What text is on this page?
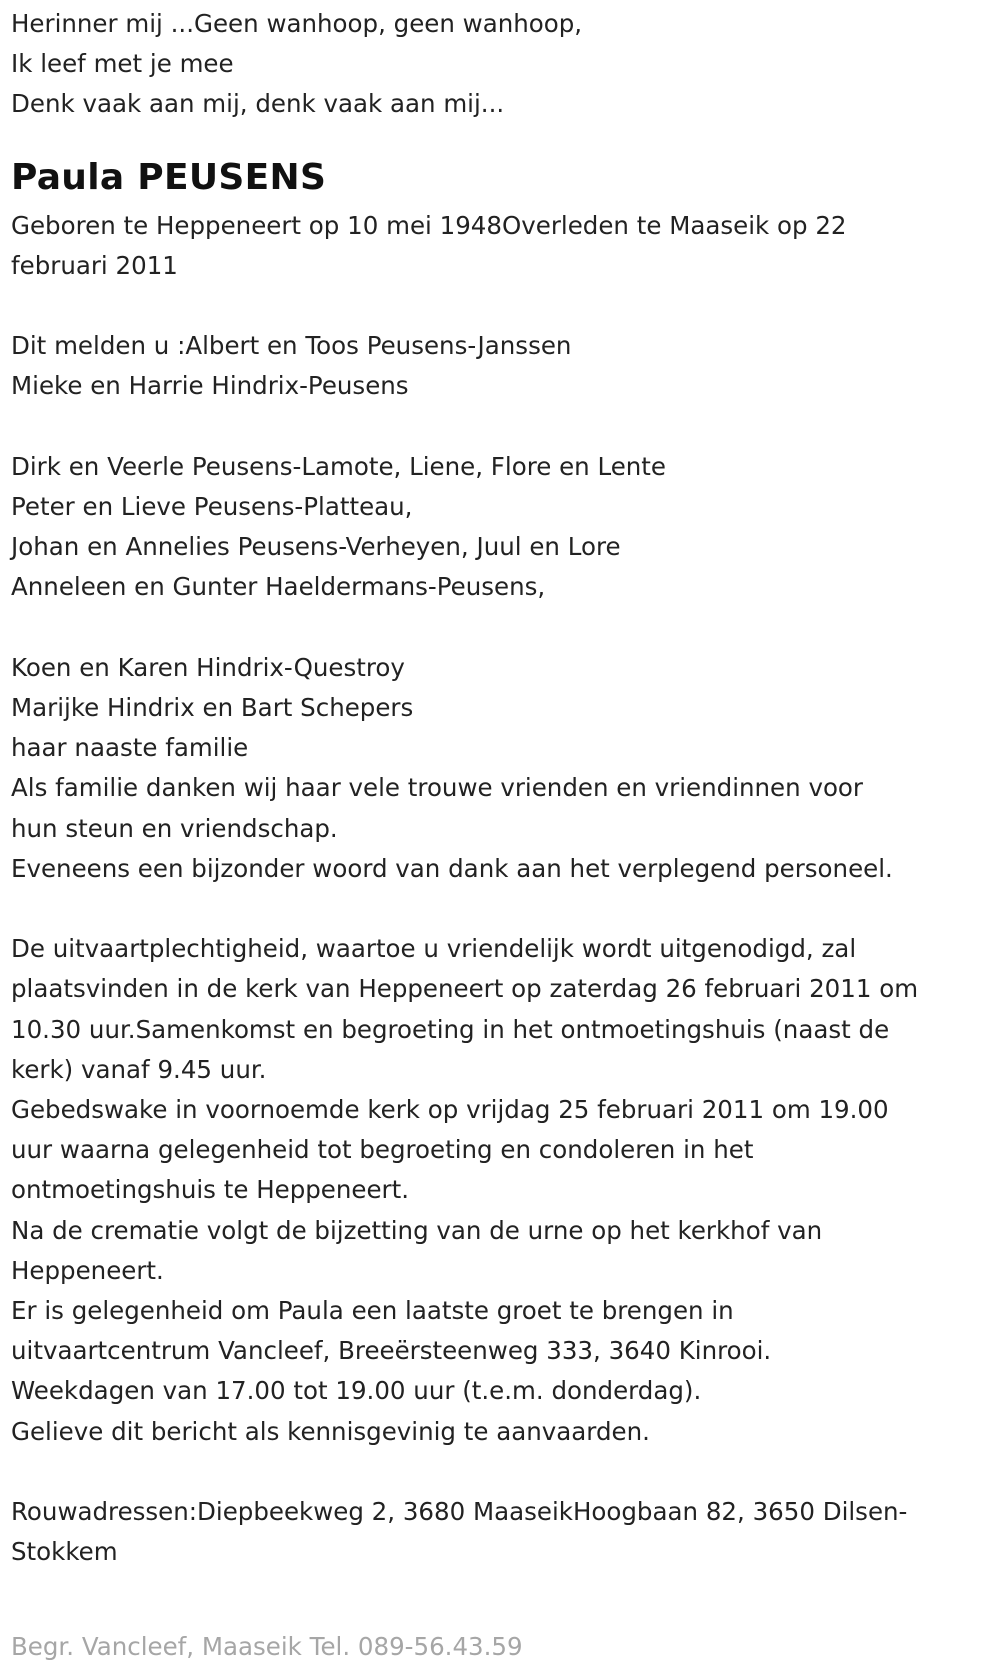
Herinner mij ...Geen wanhoop, geen wanhoop,
Ik leef met je mee
Denk vaak aan mij, denk vaak aan mij...
Paula PEUSENS
Geboren te Heppeneert op 10 mei 1948Overleden te Maaseik op 22
februari 2011
Dit melden u :Albert en Toos Peusens-Janssen
Mieke en Harrie Hindrix-Peusens
Dirk en Veerle Peusens-Lamote, Liene, Flore en Lente
Peter en Lieve Peusens-Platteau,
Johan en Annelies Peusens-Verheyen, Juul en Lore
Anneleen en Gunter Haeldermans-Peusens,
Koen en Karen Hindrix-Questroy
Marijke Hindrix en Bart Schepers
haar naaste familie
Als familie danken wij haar vele trouwe vrienden en vriendinnen voor
hun steun en vriendschap.
Eveneens een bijzonder woord van dank aan het verplegend personeel.
De uitvaartplechtigheid, waartoe u vriendelijk wordt uitgenodigd, zal
plaatsvinden in de kerk van Heppeneert op zaterdag 26 februari 2011 om
10.30 uur.Samenkomst en begroeting in het ontmoetingshuis (naast de
kerk) vanaf 9.45 uur.
Gebedswake in voornoemde kerk op vrijdag 25 februari 2011 om 19.00
uur waarna gelegenheid tot begroeting en condoleren in het
ontmoetingshuis te Heppeneert.
Na de crematie volgt de bijzetting van de urne op het kerkhof van
Heppeneert.
Er is gelegenheid om Paula een laatste groet te brengen in
uitvaartcentrum Vancleef, Breeërsteenweg 333, 3640 Kinrooi.
Weekdagen van 17.00 tot 19.00 uur (t.e.m. donderdag).
Gelieve dit bericht als kennisgevinig te aanvaarden.
Rouwadressen:Diepbeekweg 2, 3680 MaaseikHoogbaan 82, 3650 Dilsen-
Stokkem
Begr. Vancleef, Maaseik Tel. 089-56.43.59
